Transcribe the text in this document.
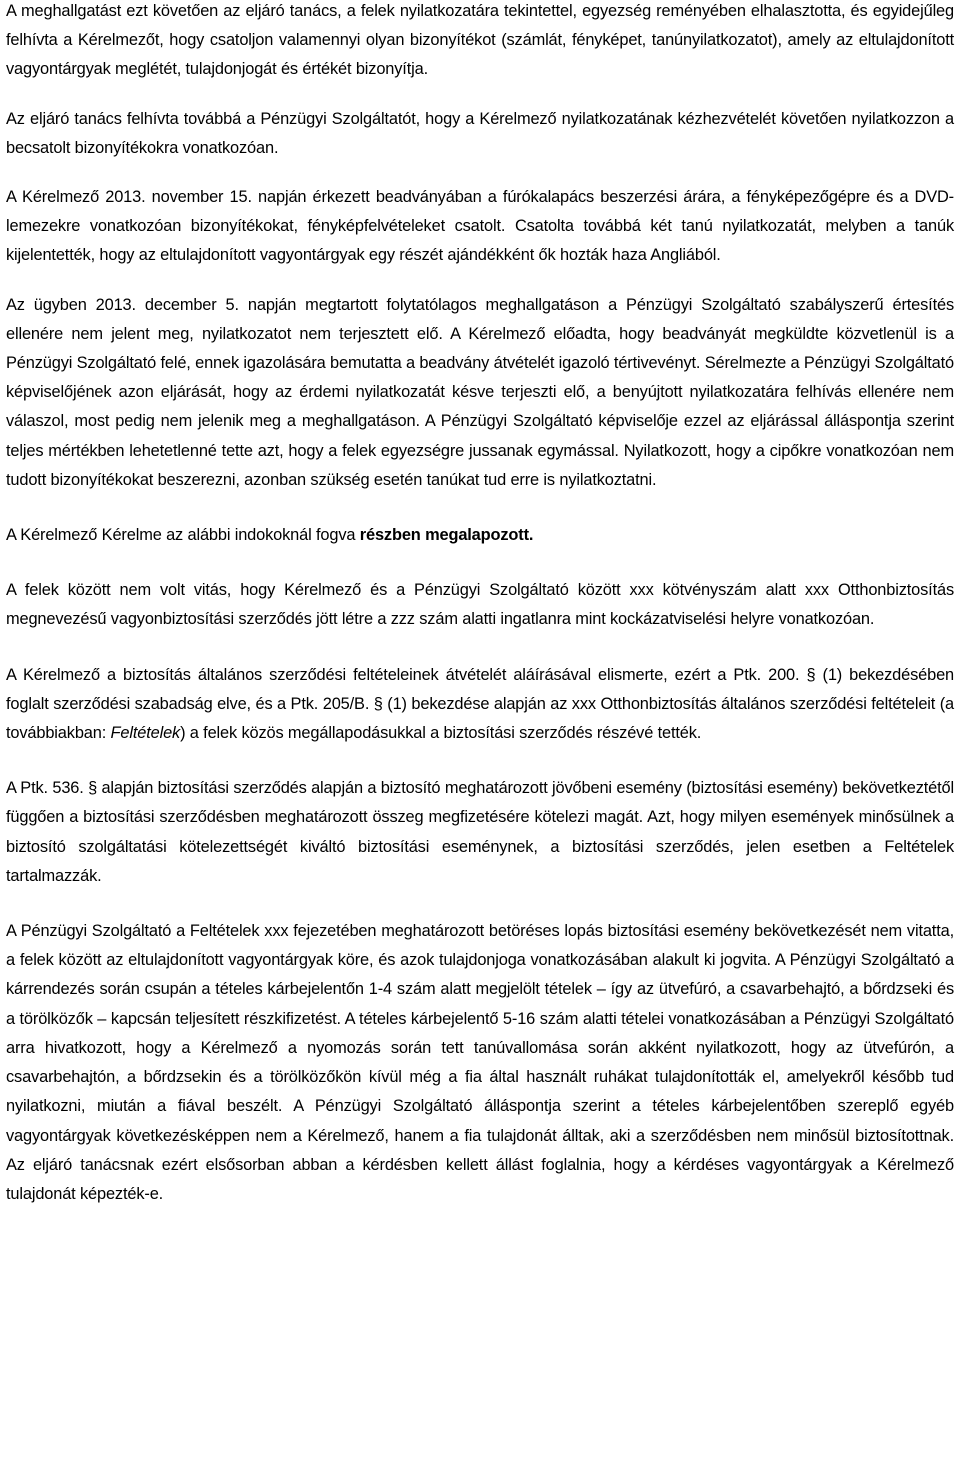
A meghallgatást ezt követően az eljáró tanács, a felek nyilatkozatára tekintettel, egyezség reményében elhalasztotta, és egyidejűleg felhívta a Kérelmezőt, hogy csatoljon valamennyi olyan bizonyítékot (számlát, fényképet, tanúnyilatkozatot), amely az eltulajdonított vagyontárgyak meglétét, tulajdonjogát és értékét bizonyítja.

Az eljáró tanács felhívta továbbá a Pénzügyi Szolgáltatót, hogy a Kérelmező nyilatkozatának kézhezvételét követően nyilatkozzon a becsatolt bizonyítékokra vonatkozóan.

A Kérelmező 2013. november 15. napján érkezett beadványában a fúrókalapács beszerzési árára, a fényképezőgépre és a DVD-lemezekre vonatkozóan bizonyítékokat, fényképfelvételeket csatolt. Csatolta továbbá két tanú nyilatkozatát, melyben a tanúk kijelentették, hogy az eltulajdonított vagyontárgyak egy részét ajándékként ők hozták haza Angliából.

Az ügyben 2013. december 5. napján megtartott folytatólagos meghallgatáson a Pénzügyi Szolgáltató szabályszerű értesítés ellenére nem jelent meg, nyilatkozatot nem terjesztett elő. A Kérelmező előadta, hogy beadványát megküldte közvetlenül is a Pénzügyi Szolgáltató felé, ennek igazolására bemutatta a beadvány átvételét igazoló tértivevényt. Sérelmezte a Pénzügyi Szolgáltató képviselőjének azon eljárását, hogy az érdemi nyilatkozatát késve terjeszti elő, a benyújtott nyilatkozatára felhívás ellenére nem válaszol, most pedig nem jelenik meg a meghallgatáson. A Pénzügyi Szolgáltató képviselője ezzel az eljárással álláspontja szerint teljes mértékben lehetetlenné tette azt, hogy a felek egyezségre jussanak egymással. Nyilatkozott, hogy a cipőkre vonatkozóan nem tudott bizonyítékokat beszerezni, azonban szükség esetén tanúkat tud erre is nyilatkoztatni.

A Kérelmező Kérelme az alábbi indokoknál fogva részben megalapozott.

A felek között nem volt vitás, hogy Kérelmező és a Pénzügyi Szolgáltató között xxx kötvényszám alatt xxx Otthonbiztosítás megnevezésű vagyonbiztosítási szerződés jött létre a zzz szám alatti ingatlanra mint kockázatviselési helyre vonatkozóan.

A Kérelmező a biztosítás általános szerződési feltételeinek átvételét aláírásával elismerte, ezért a Ptk. 200. § (1) bekezdésében foglalt szerződési szabadság elve, és a Ptk. 205/B. § (1) bekezdése alapján az xxx Otthonbiztosítás általános szerződési feltételeit (a továbbiakban: Feltételek) a felek közös megállapodásukkal a biztosítási szerződés részévé tették.

A Ptk. 536. § alapján biztosítási szerződés alapján a biztosító meghatározott jövőbeni esemény (biztosítási esemény) bekövetkeztétől függően a biztosítási szerződésben meghatározott összeg megfizetésére kötelezi magát. Azt, hogy milyen események minősülnek a biztosító szolgáltatási kötelezettségét kiváltó biztosítási eseménynek, a biztosítási szerződés, jelen esetben a Feltételek tartalmazzák.

A Pénzügyi Szolgáltató a Feltételek xxx fejezetében meghatározott betöréses lopás biztosítási esemény bekövetkezését nem vitatta, a felek között az eltulajdonított vagyontárgyak köre, és azok tulajdonjoga vonatkozásában alakult ki jogvita. A Pénzügyi Szolgáltató a kárrendezés során csupán a tételes kárbejelentőn 1-4 szám alatt megjelölt tételek – így az ütvefúró, a csavarbehajtó, a bőrdzseki és a törölközők – kapcsán teljesített részkifizetést. A tételes kárbejelentő 5-16 szám alatti tételei vonatkozásában a Pénzügyi Szolgáltató arra hivatkozott, hogy a Kérelmező a nyomozás során tett tanúvallomása során akként nyilatkozott, hogy az ütvefúrón, a csavarbehajtón, a bőrdzsekin és a törölközőkön kívül még a fia által használt ruhákat tulajdonították el, amelyekről később tud nyilatkozni, miután a fiával beszélt. A Pénzügyi Szolgáltató álláspontja szerint a tételes kárbejelentőben szereplő egyéb vagyontárgyak következésképpen nem a Kérelmező, hanem a fia tulajdonát álltak, aki a szerződésben nem minősül biztosítottnak. Az eljáró tanácsnak ezért elsősorban abban a kérdésben kellett állást foglalnia, hogy a kérdéses vagyontárgyak a Kérelmező tulajdonát képezték-e.
